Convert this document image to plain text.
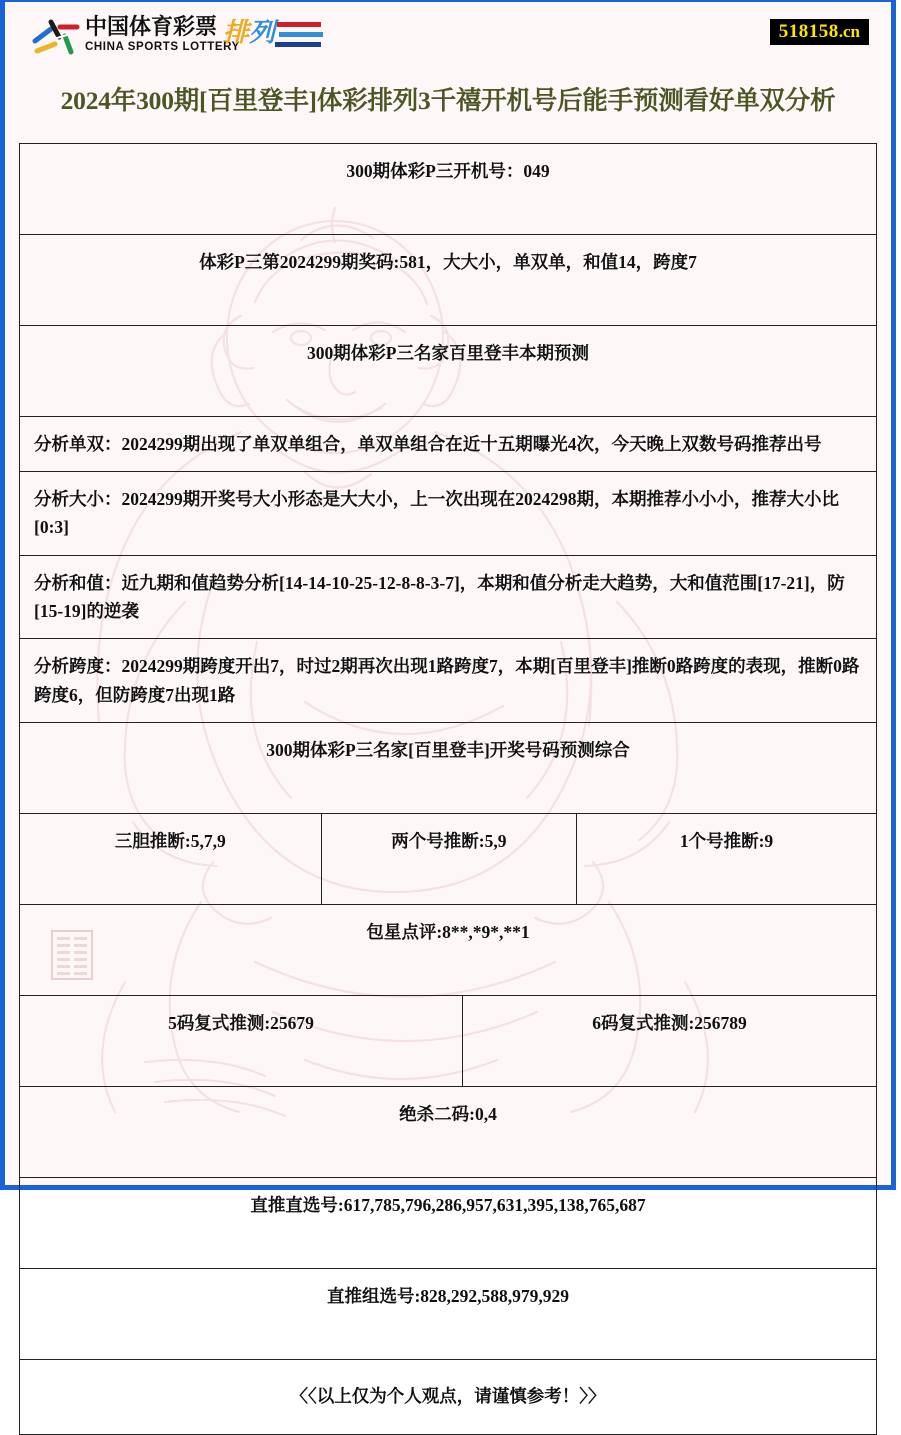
中国体育彩票
CHINA SPORTS LOTTERY
排 列	518158.cn
2024年300期[百里登丰]体彩排列3千禧开机号后能手预测看好单双分析
300期体彩P三开机号：049			

体彩P三第2024299期奖码:581，大大小，单双单，和值14，跨度7			

300期体彩P三名家百里登丰本期预测			

分析单双：2024299期出现了单双单组合，单双单组合在近十五期曝光4次，今天晚上双数号码推荐出号			

分析大小：2024299期开奖号大小形态是大大小，上一次出现在2024298期，本期推荐小小小，推荐大小比[0:3]			

分析和值：近九期和值趋势分析[14-14-10-25-12-8-8-3-7]，本期和值分析走大趋势，大和值范围[17-21]，防[15-19]的逆袭			

分析跨度：2024299期跨度开出7，时过2期再次出现1路跨度7，本期[百里登丰]推断0路跨度的表现，推断0路跨度6，但防跨度7出现1路			

300期体彩P三名家[百里登丰]开奖号码预测综合			

三胆推断:5,7,9	两个号推断:5,9		1个号推断:9

包星点评:8**,*9*,**1			

5码复式推测:25679		6码复式推测:256789	

绝杀二码:0,4			

直推直选号:617,785,796,286,957,631,395,138,765,687			

直推组选号:828,292,588,979,929			

〈〈以上仅为个人观点，请谨慎参考！〉〉			
